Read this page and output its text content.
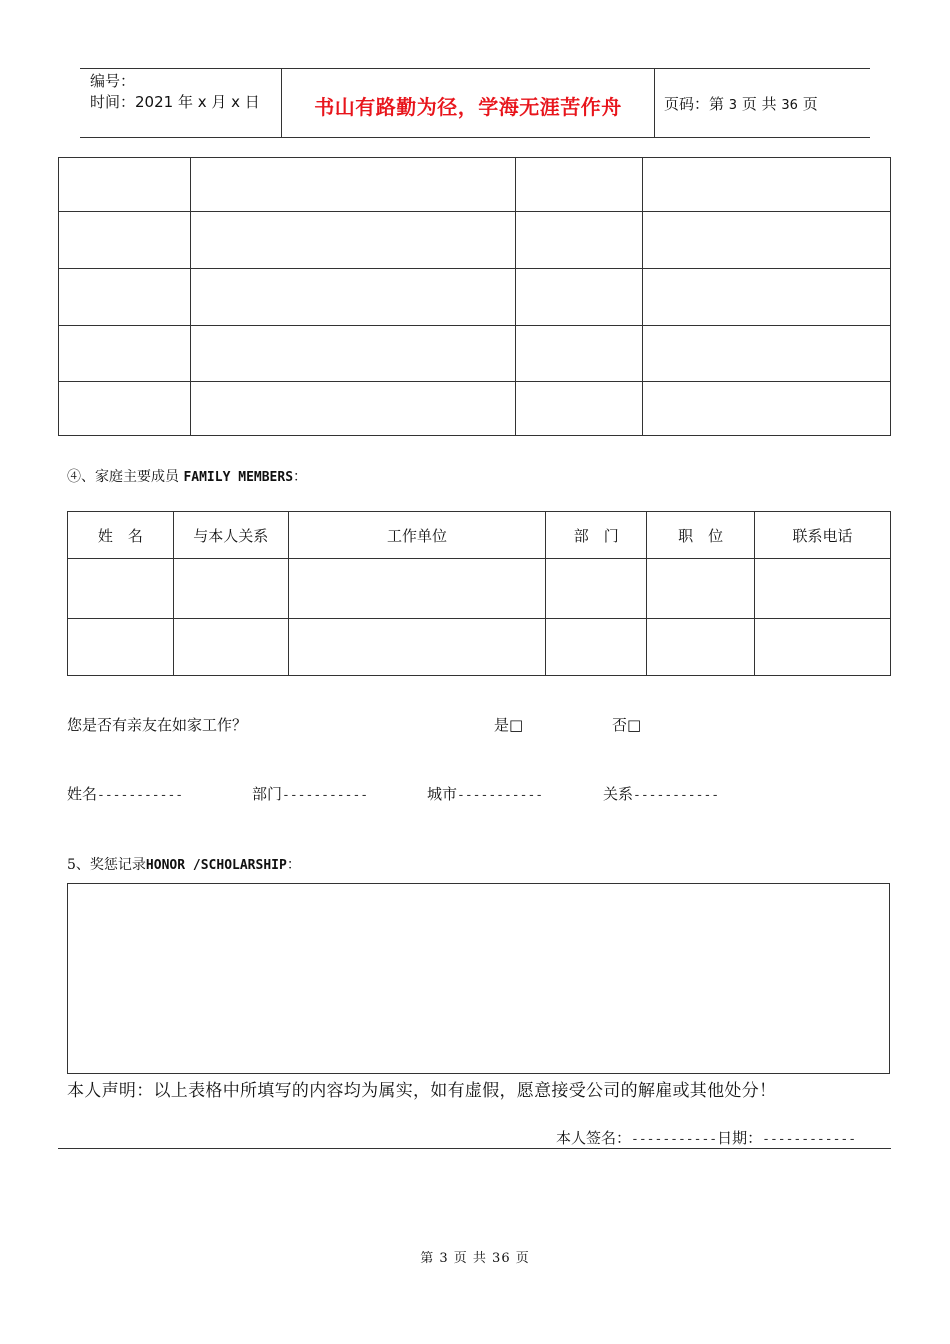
编号：
时间：2021 年 x 月 x 日	书山有路勤为径，学海无涯苦作舟	页码：第 3 页 共 36 页

④、家庭主要成员 FAMILY MEMBERS：
姓　名	与本人关系	工作单位	部　门	职　位	联系电话

您是否有亲友在如家工作？	是□	否□
姓名-----------	部门-----------	城市-----------	关系-----------
5、奖惩记录HONOR /SCHOLARSHIP：
本人声明：以上表格中所填写的内容均为属实，如有虚假，愿意接受公司的解雇或其他处分！
本人签名：-----------日期：------------
第 3 页 共 36 页
